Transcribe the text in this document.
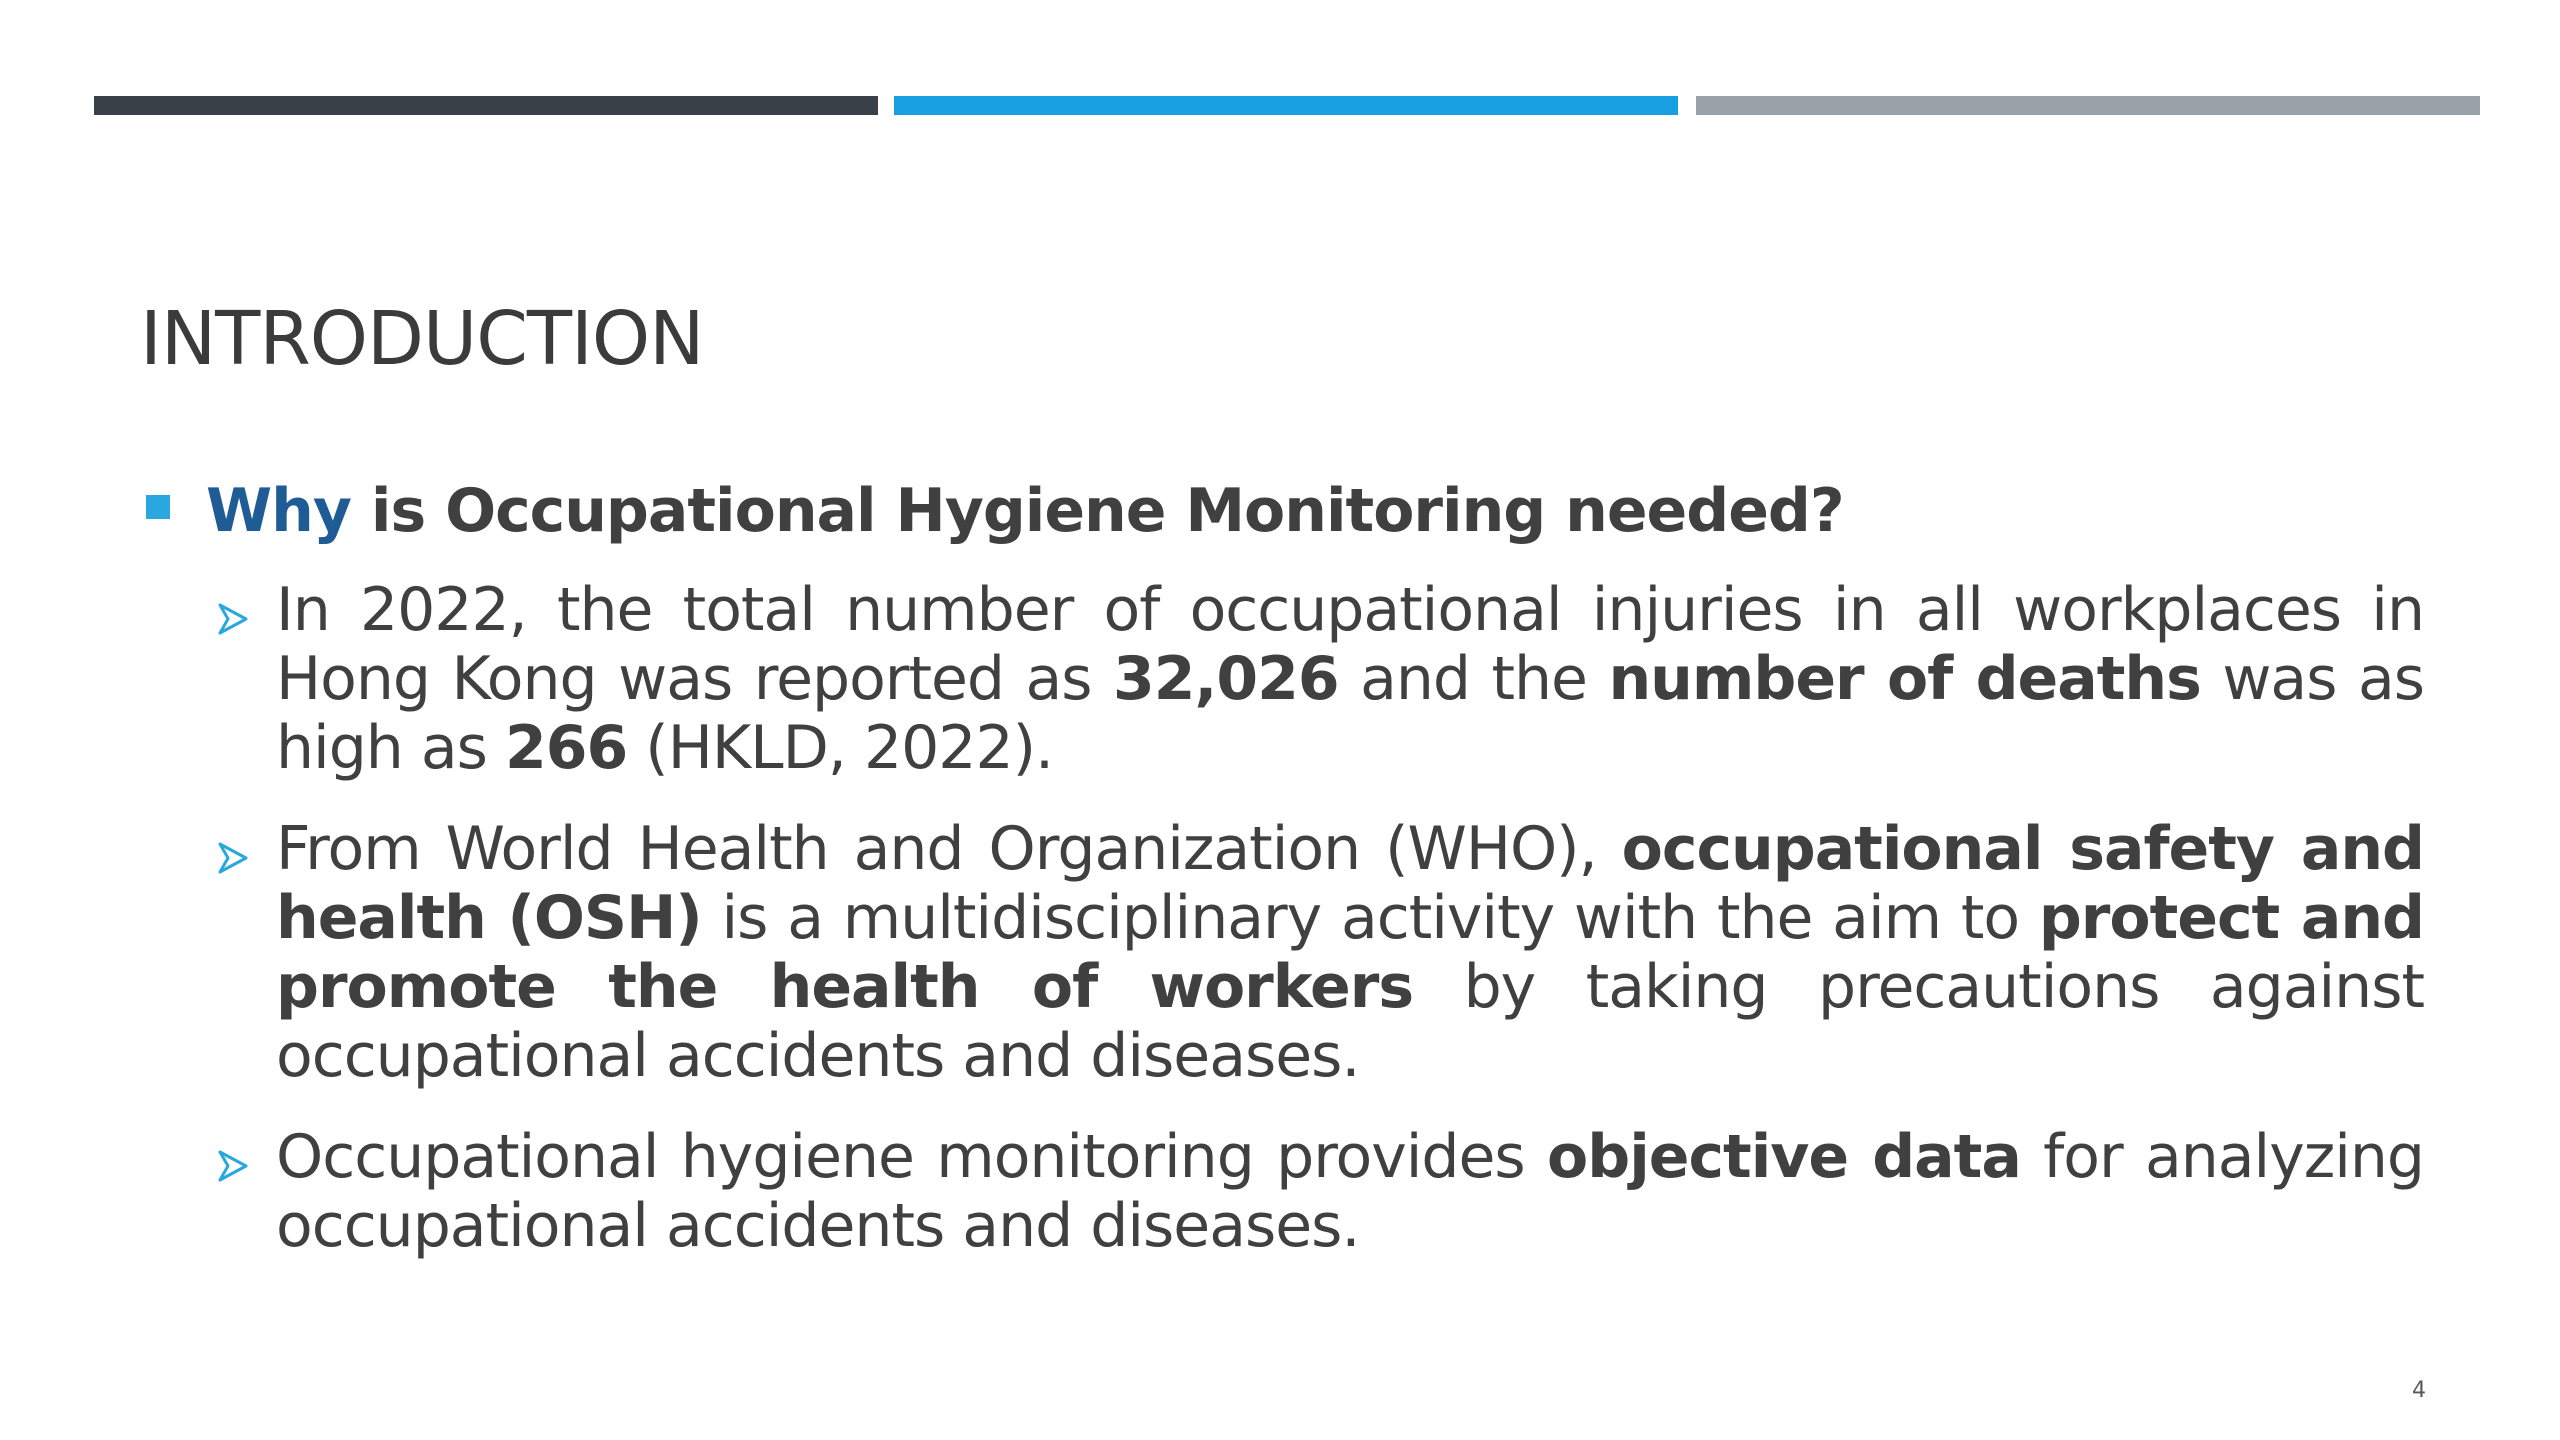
INTRODUCTION
Why is Occupational Hygiene Monitoring needed?
In 2022, the total number of occupational injuries in all workplaces in Hong Kong was reported as 32,026 and the number of deaths was as high as 266 (HKLD, 2022).
From World Health and Organization (WHO), occupational safety and health (OSH) is a multidisciplinary activity with the aim to protect and promote the health of workers by taking precautions against occupational accidents and diseases.
Occupational hygiene monitoring provides objective data for analyzing occupational accidents and diseases.
4
